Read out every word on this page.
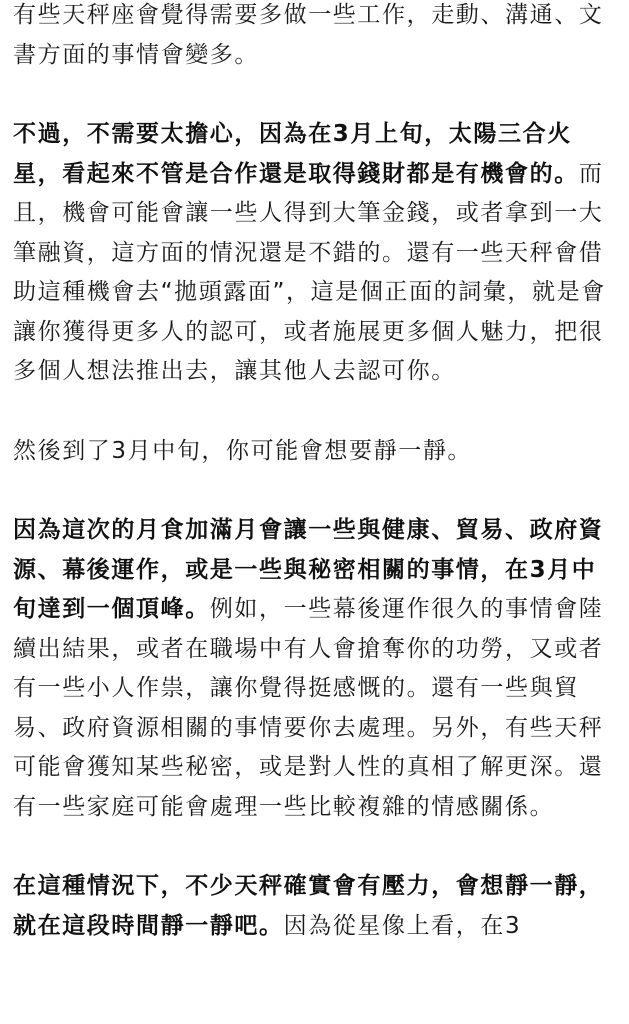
有些天秤座會覺得需要多做一些工作，走動、溝通、文書方面的事情會變多。

不過，不需要太擔心，因為在3月上旬，太陽三合火星，看起來不管是合作還是取得錢財都是有機會的。而且，機會可能會讓一些人得到大筆金錢，或者拿到一大筆融資，這方面的情況還是不錯的。還有一些天秤會借助這種機會去“拋頭露面”，這是個正面的詞彙，就是會讓你獲得更多人的認可，或者施展更多個人魅力，把很多個人想法推出去，讓其他人去認可你。

然後到了3月中旬，你可能會想要靜一靜。

因為這次的月食加滿月會讓一些與健康、貿易、政府資源、幕後運作，或是一些與秘密相關的事情，在3月中旬達到一個頂峰。例如，一些幕後運作很久的事情會陸續出結果，或者在職場中有人會搶奪你的功勞，又或者有一些小人作祟，讓你覺得挺感慨的。還有一些與貿易、政府資源相關的事情要你去處理。另外，有些天秤可能會獲知某些秘密，或是對人性的真相了解更深。還有一些家庭可能會處理一些比較複雜的情感關係。

在這種情況下，不少天秤確實會有壓力，會想靜一靜，就在這段時間靜一靜吧。因為從星像上看，在3
